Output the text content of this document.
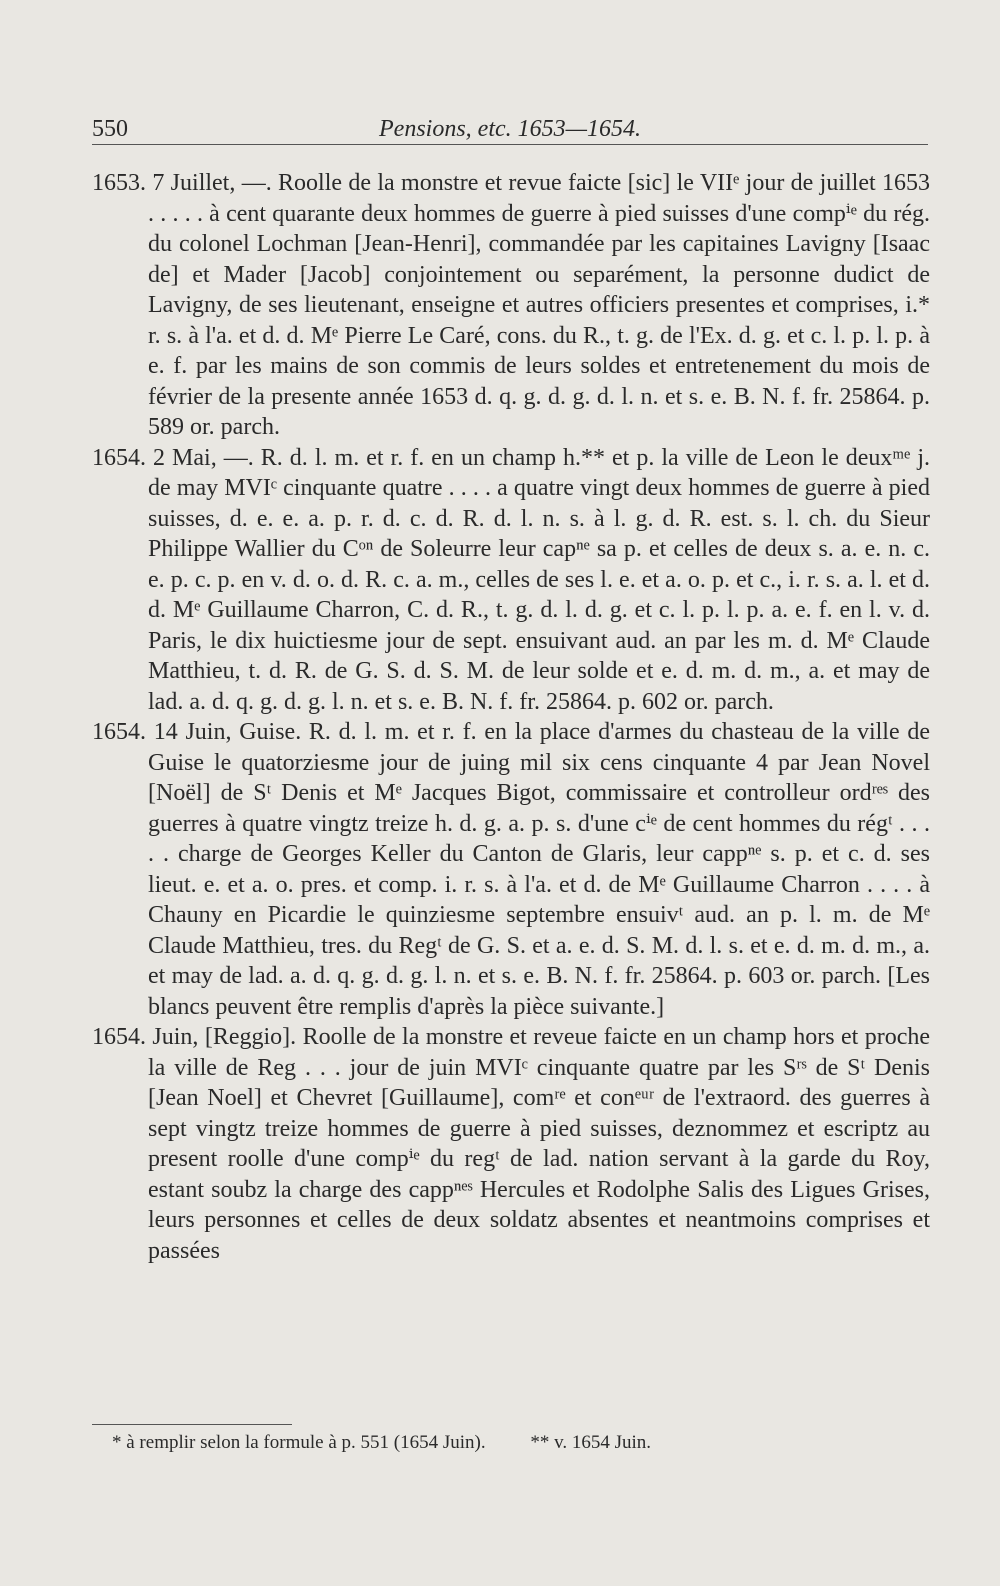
550	Pensions, etc. 1653—1654.

1653. 7 Juillet, —. Roolle de la monstre et revue faicte [sic] le VIIᵉ jour de juillet 1653 . . . . . à cent quarante deux hommes de guerre à pied suisses d'une compⁱᵉ du rég. du colonel Lochman [Jean-Henri], commandée par les capitaines Lavigny [Isaac de] et Mader [Jacob] conjointement ou separément, la personne dudict de Lavigny, de ses lieutenant, enseigne et autres officiers presentes et comprises, i.* r. s. à l'a. et d. d. Mᵉ Pierre Le Caré, cons. du R., t. g. de l'Ex. d. g. et c. l. p. l. p. à e. f. par les mains de son commis de leurs soldes et entretenement du mois de février de la presente année 1653 d. q. g. d. g. d. l. n. et s. e. B. N. f. fr. 25864. p. 589 or. parch.

1654. 2 Mai, —. R. d. l. m. et r. f. en un champ h.** et p. la ville de Leon le deuxᵐᵉ j. de may MVIᶜ cinquante quatre . . . . a quatre vingt deux hommes de guerre à pied suisses, d. e. e. a. p. r. d. c. d. R. d. l. n. s. à l. g. d. R. est. s. l. ch. du Sieur Philippe Wallier du Cᵒⁿ de Soleurre leur capⁿᵉ sa p. et celles de deux s. a. e. n. c. e. p. c. p. en v. d. o. d. R. c. a. m., celles de ses l. e. et a. o. p. et c., i. r. s. a. l. et d. d. Mᵉ Guillaume Charron, C. d. R., t. g. d. l. d. g. et c. l. p. l. p. a. e. f. en l. v. d. Paris, le dix huictiesme jour de sept. ensuivant aud. an par les m. d. Mᵉ Claude Matthieu, t. d. R. de G. S. d. S. M. de leur solde et e. d. m. d. m., a. et may de lad. a. d. q. g. d. g. l. n. et s. e. B. N. f. fr. 25864. p. 602 or. parch.

1654. 14 Juin, Guise. R. d. l. m. et r. f. en la place d'armes du chasteau de la ville de Guise le quatorziesme jour de juing mil six cens cinquante 4 par Jean Novel [Noël] de Sᵗ Denis et Mᵉ Jacques Bigot, commissaire et controlleur ordʳᵉˢ des guerres à quatre vingtz treize h. d. g. a. p. s. d'une cⁱᵉ de cent hommes du régᵗ . . . . . charge de Georges Keller du Canton de Glaris, leur cappⁿᵉ s. p. et c. d. ses lieut. e. et a. o. pres. et comp. i. r. s. à l'a. et d. de Mᵉ Guillaume Charron . . . . à Chauny en Picardie le quinziesme septembre ensuivᵗ aud. an p. l. m. de Mᵉ Claude Matthieu, tres. du Regᵗ de G. S. et a. e. d. S. M. d. l. s. et e. d. m. d. m., a. et may de lad. a. d. q. g. d. g. l. n. et s. e. B. N. f. fr. 25864. p. 603 or. parch. [Les blancs peuvent être remplis d'après la pièce suivante.]

1654. Juin, [Reggio]. Roolle de la monstre et reveue faicte en un champ hors et proche la ville de Reg . . . jour de juin MVIᶜ cinquante quatre par les Sʳˢ de Sᵗ Denis [Jean Noel] et Chevret [Guillaume], comʳᵉ et conᵉᵘʳ de l'extraord. des guerres à sept vingtz treize hommes de guerre à pied suisses, deznommez et escriptz au present roolle d'une compⁱᵉ du regᵗ de lad. nation servant à la garde du Roy, estant soubz la charge des cappⁿᵉˢ Hercules et Rodolphe Salis des Ligues Grises, leurs personnes et celles de deux soldatz absentes et neantmoins comprises et passées

* à remplir selon la formule à p. 551 (1654 Juin). ** v. 1654 Juin.
